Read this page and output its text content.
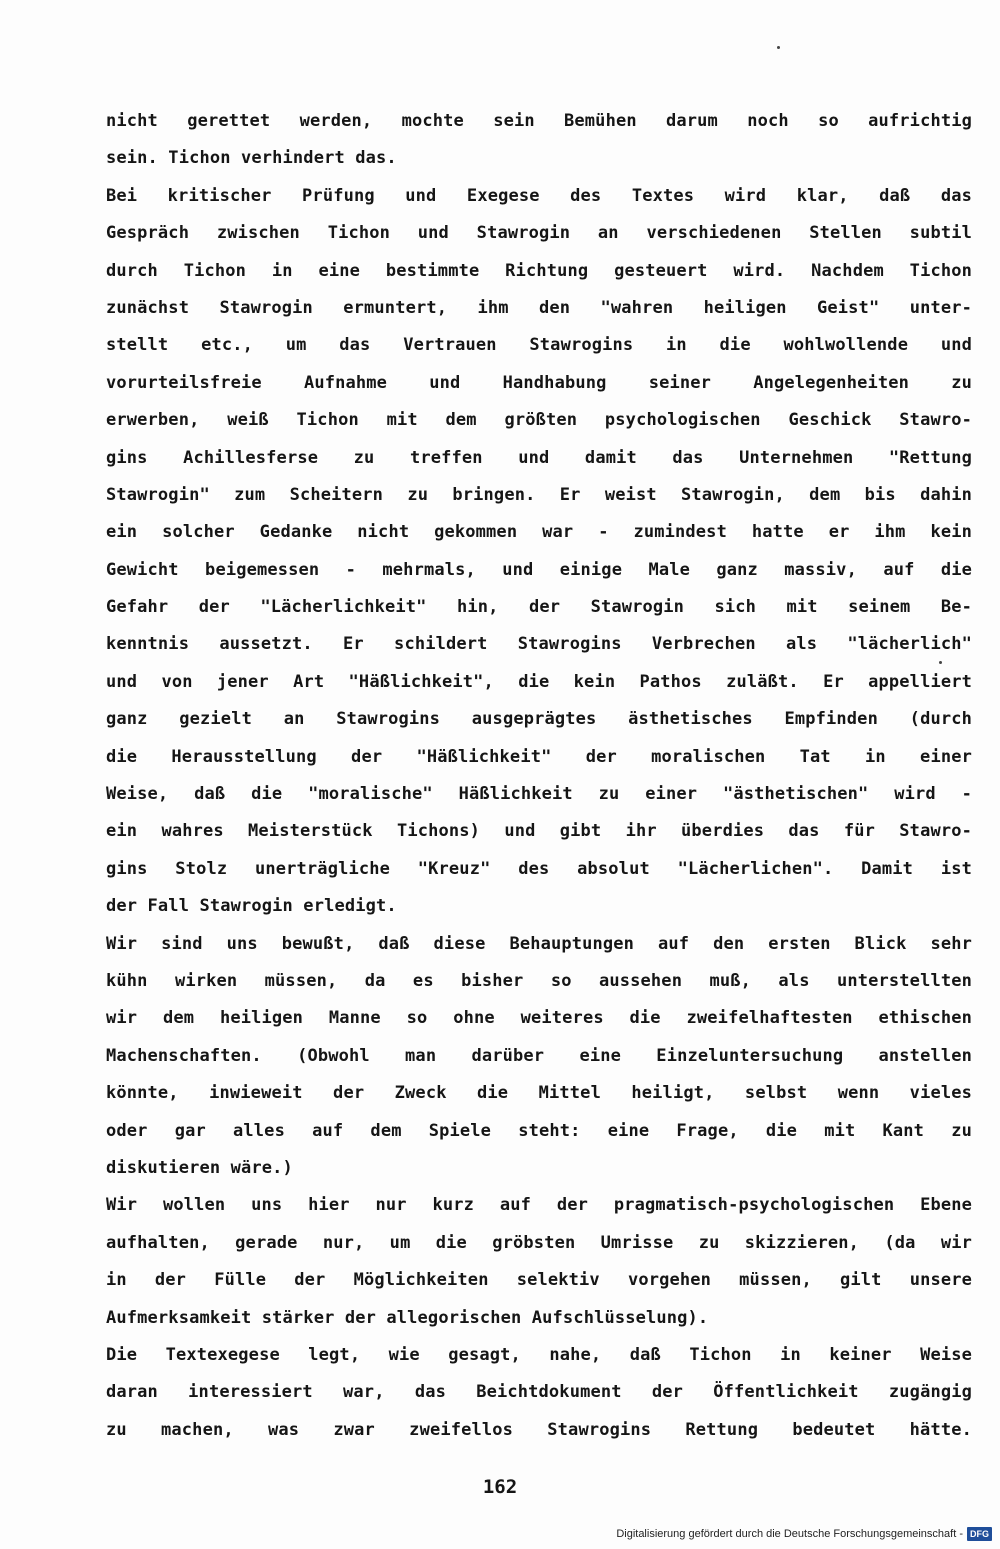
nicht gerettet werden, mochte sein Bemühen darum noch so aufrichtig
sein. Tichon verhindert das.
Bei kritischer Prüfung und Exegese des Textes wird klar, daß das
Gespräch zwischen Tichon und Stawrogin an verschiedenen Stellen subtil
durch Tichon in eine bestimmte Richtung gesteuert wird. Nachdem Tichon
zunächst Stawrogin ermuntert, ihm den "wahren heiligen Geist" unter-
stellt etc., um das Vertrauen Stawrogins in die wohlwollende und
vorurteilsfreie Aufnahme und Handhabung seiner Angelegenheiten zu
erwerben, weiß Tichon mit dem größten psychologischen Geschick Stawro-
gins Achillesferse zu treffen und damit das Unternehmen "Rettung
Stawrogin" zum Scheitern zu bringen. Er weist Stawrogin, dem bis dahin
ein solcher Gedanke nicht gekommen war - zumindest hatte er ihm kein
Gewicht beigemessen - mehrmals, und einige Male ganz massiv, auf die
Gefahr der "Lächerlichkeit" hin, der Stawrogin sich mit seinem Be-
kenntnis aussetzt. Er schildert Stawrogins Verbrechen als "lächerlich"
und von jener Art "Häßlichkeit", die kein Pathos zuläßt. Er appelliert
ganz gezielt an Stawrogins ausgeprägtes ästhetisches Empfinden (durch
die Herausstellung der "Häßlichkeit" der moralischen Tat in einer
Weise, daß die "moralische" Häßlichkeit zu einer "ästhetischen" wird -
ein wahres Meisterstück Tichons) und gibt ihr überdies das für Stawro-
gins Stolz unerträgliche "Kreuz" des absolut "Lächerlichen". Damit ist
der Fall Stawrogin erledigt.
Wir sind uns bewußt, daß diese Behauptungen auf den ersten Blick sehr
kühn wirken müssen, da es bisher so aussehen muß, als unterstellten
wir dem heiligen Manne so ohne weiteres die zweifelhaftesten ethischen
Machenschaften. (Obwohl man darüber eine Einzeluntersuchung anstellen
könnte, inwieweit der Zweck die Mittel heiligt, selbst wenn vieles
oder gar alles auf dem Spiele steht: eine Frage, die mit Kant zu
diskutieren wäre.)
Wir wollen uns hier nur kurz auf der pragmatisch-psychologischen Ebene
aufhalten, gerade nur, um die gröbsten Umrisse zu skizzieren, (da wir
in der Fülle der Möglichkeiten selektiv vorgehen müssen, gilt unsere
Aufmerksamkeit stärker der allegorischen Aufschlüsselung).
Die Textexegese legt, wie gesagt, nahe, daß Tichon in keiner Weise
daran interessiert war, das Beichtdokument der Öffentlichkeit zugängig
zu machen, was zwar zweifellos Stawrogins Rettung bedeutet hätte.
162
Digitalisierung gefördert durch die Deutsche Forschungsgemeinschaft - DFG
